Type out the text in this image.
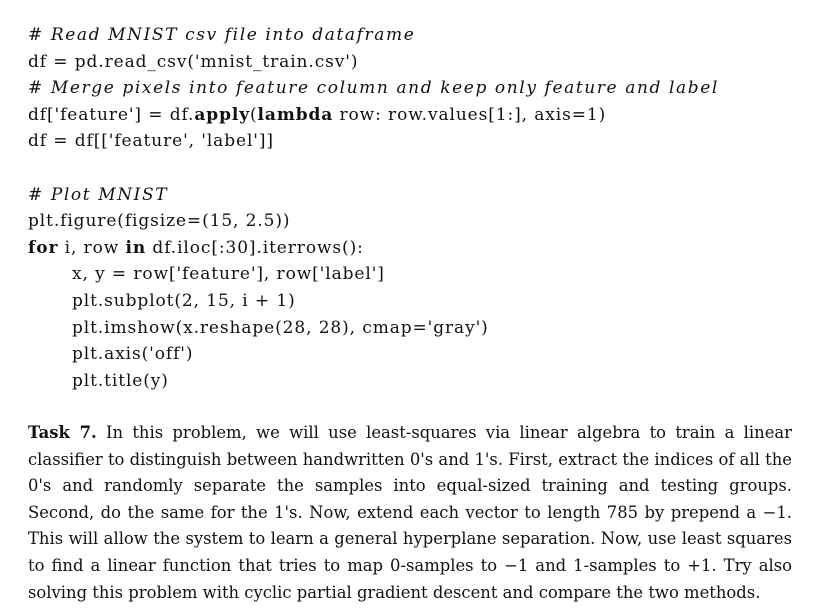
# Read MNIST csv file into dataframe
df = pd.read_csv('mnist_train.csv')
# Merge pixels into feature column and keep only feature and label
df['feature'] = df.apply(lambda row: row.values[1:], axis=1)
df = df[['feature', 'label']]
# Plot MNIST
plt.figure(figsize=(15, 2.5))
for i, row in df.iloc[:30].iterrows():
x, y = row['feature'], row['label']
plt.subplot(2, 15, i + 1)
plt.imshow(x.reshape(28, 28), cmap='gray')
plt.axis('off')
plt.title(y)
Task 7. In this problem, we will use least-squares via linear algebra to train a linear classifier to distinguish between handwritten 0's and 1's. First, extract the indices of all the 0's and randomly separate the samples into equal-sized training and testing groups. Second, do the same for the 1's. Now, extend each vector to length 785 by prepend a −1. This will allow the system to learn a general hyperplane separation. Now, use least squares to find a linear function that tries to map 0-samples to −1 and 1-samples to +1. Try also solving this problem with cyclic partial gradient descent and compare the two methods.
